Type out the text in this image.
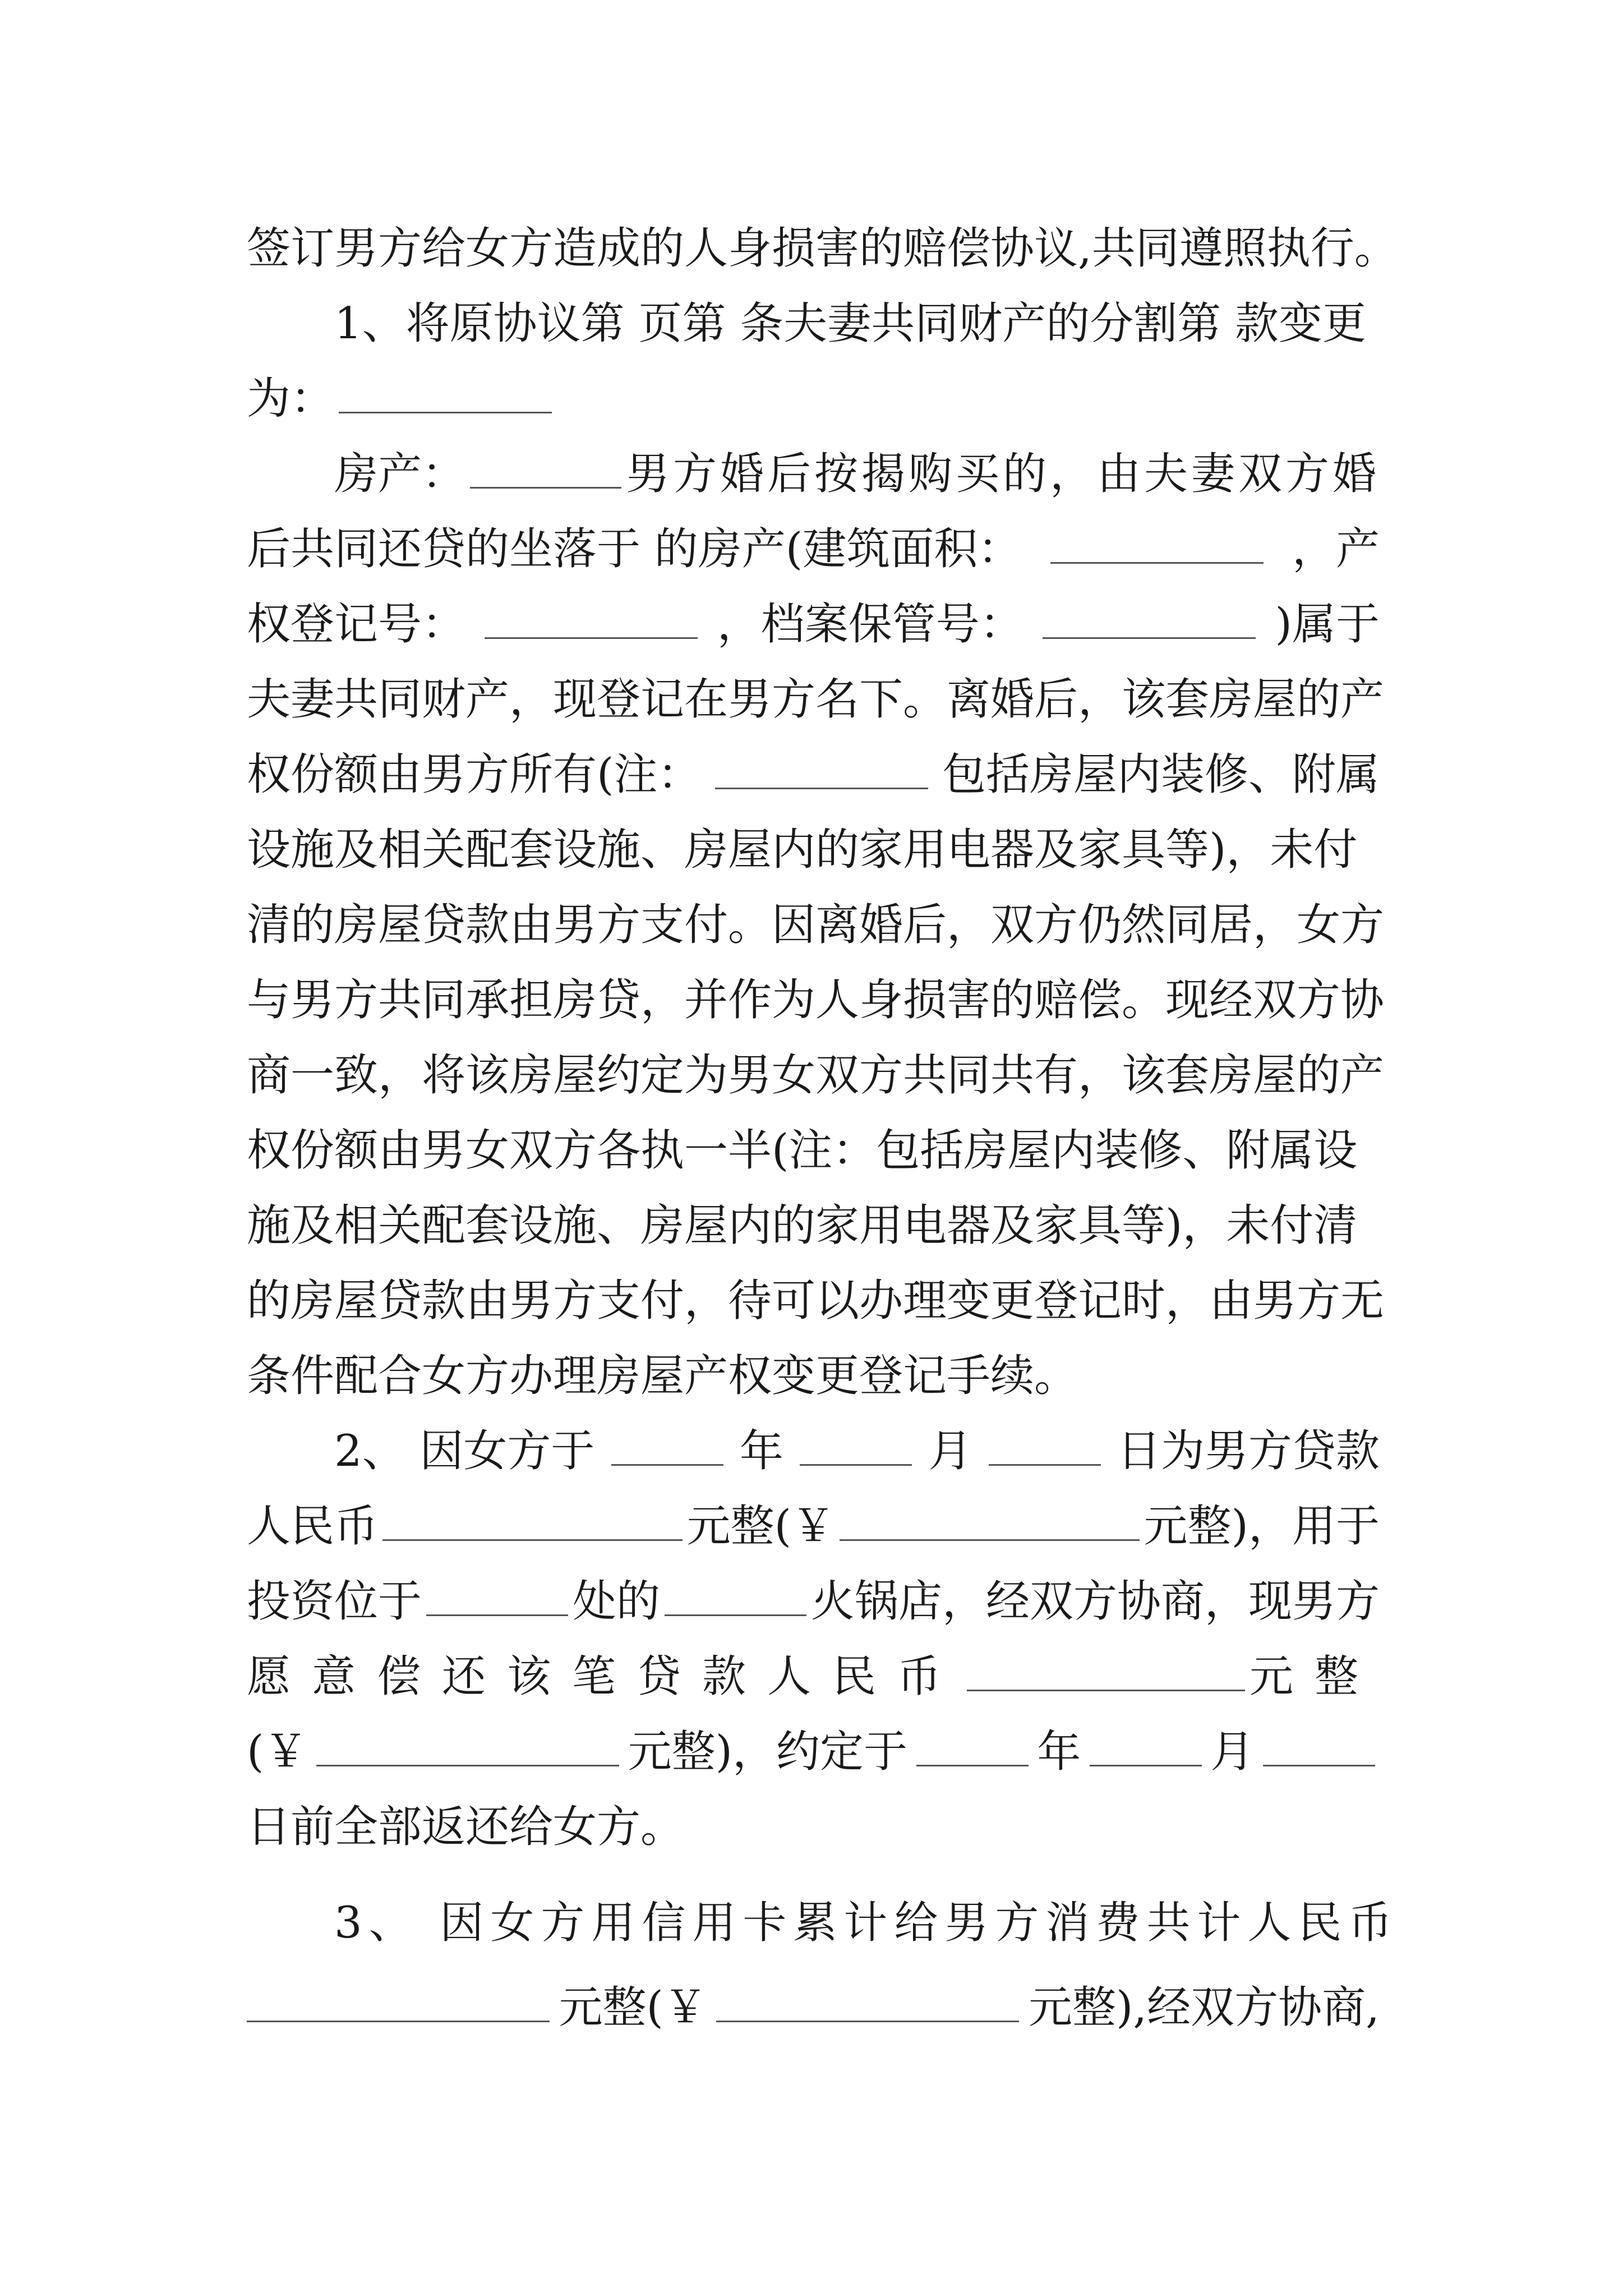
签订男方给女方造成的人身损害的赔偿协议,共同遵照执行。
1、将原协议第 页第 条夫妻共同财产的分割第 款变更
为：
房产：	男方婚后按揭购买的，由夫妻双方婚
后共同还贷的坐落于 的房产(建筑面积：	，产
权登记号：	，档案保管号：	)属于
夫妻共同财产，现登记在男方名下。离婚后，该套房屋的产
权份额由男方所有(注：	包括房屋内装修、附属
设施及相关配套设施、房屋内的家用电器及家具等)，未付
清的房屋贷款由男方支付。因离婚后，双方仍然同居，女方
与男方共同承担房贷，并作为人身损害的赔偿。现经双方协
商一致，将该房屋约定为男女双方共同共有，该套房屋的产
权份额由男女双方各执一半(注：包括房屋内装修、附属设
施及相关配套设施、房屋内的家用电器及家具等)，未付清
的房屋贷款由男方支付，待可以办理变更登记时，由男方无
条件配合女方办理房屋产权变更登记手续。
2、 因女方于	年	月	日为男方贷款
人民币	元整(￥	元整)，用于
投资位于	处的	火锅店，经双方协商，现男方
愿意偿还该笔贷款人民币	元整
(￥	元整)，约定于	年	月
日前全部返还给女方。
3、 因女方用信用卡累计给男方消费共计人民币
元整(￥	元整),经双方协商,
